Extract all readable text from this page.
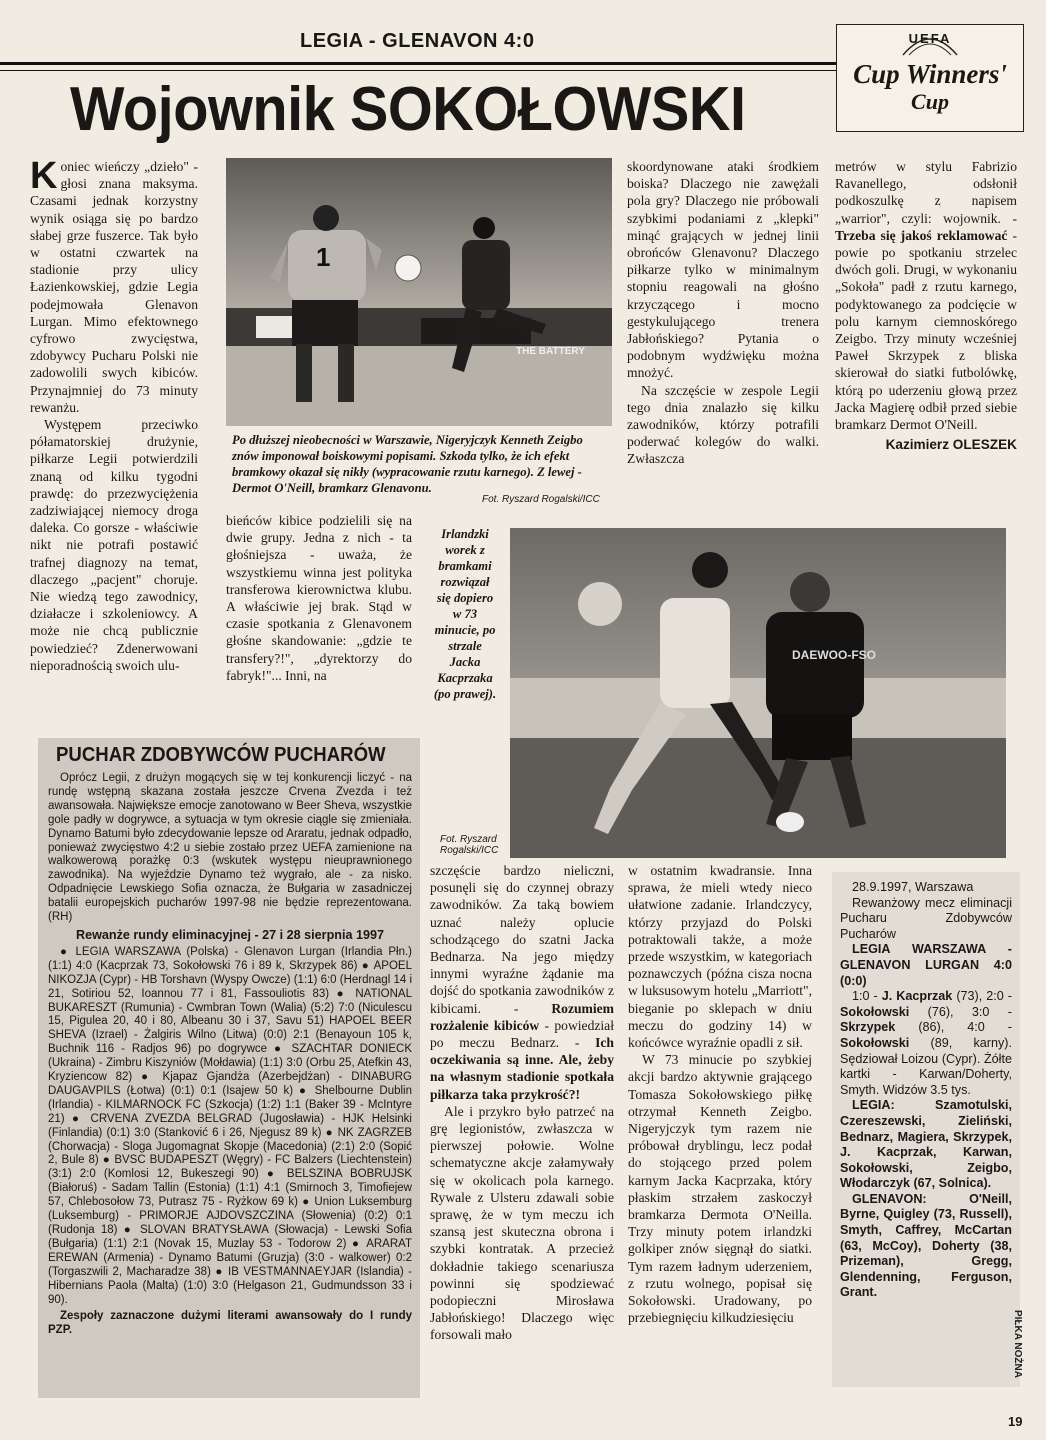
LEGIA - GLENAVON 4:0
Wojownik SOKOŁOWSKI
UEFA
Cup Winners'
Cup

Koniec wieńczy „dzieło" - głosi znana maksyma. Czasami jednak korzystny wynik osiąga się po bardzo słabej grze fuszerce. Tak było w ostatni czwartek na stadionie przy ulicy Łazienkowskiej, gdzie Legia podejmowała Glenavon Lurgan. Mimo efektownego cyfrowo zwycięstwa, zdobywcy Pucharu Polski nie zadowolili swych kibiców. Przynajmniej do 73 minuty rewanżu.

Występem przeciwko półamatorskiej drużynie, piłkarze Legii potwierdzili znaną od kilku tygodni prawdę: do przezwyciężenia zadziwiającej niemocy droga daleka. Co gorsze - właściwie nikt nie potrafi postawić trafnej diagnozy na temat, dlaczego „pacjent" choruje. Nie wiedzą tego zawodnicy, działacze i szkoleniowcy. A może nie chcą publicznie powiedzieć? Zdenerwowani nieporadnością swoich ulu-

1
THE BATTERY
Po dłuższej nieobecności w Warszawie, Nigeryjczyk Kenneth Zeigbo znów imponował boiskowymi popisami. Szkoda tylko, że ich efekt bramkowy okazał się nikły (wypracowanie rzutu karnego). Z lewej - Dermot O'Neill, bramkarz Glenavonu.
Fot. Ryszard Rogalski/ICC

skoordynowane ataki środkiem boiska? Dlaczego nie zawężali pola gry? Dlaczego nie próbowali szybkimi podaniami z „klepki" minąć grających w jednej linii obrońców Glenavonu? Dlaczego piłkarze tylko w minimalnym stopniu reagowali na głośno krzyczącego i mocno gestykulującego trenera Jabłońskiego? Pytania o podobnym wydźwięku można mnożyć.

Na szczęście w zespole Legii tego dnia znalazło się kilku zawodników, którzy potrafili poderwać kolegów do walki. Zwłaszcza

metrów w stylu Fabrizio Ravanellego, odsłonił podkoszulkę z napisem „warrior", czyli: wojownik. - Trzeba się jakoś reklamować - powie po spotkaniu strzelec dwóch goli. Drugi, w wykonaniu „Sokoła" padł z rzutu karnego, podyktowanego za podcięcie w polu karnym ciemnoskórego Zeigbo. Trzy minuty wcześniej Paweł Skrzypek z bliska skierował do siatki futbolówkę, którą po uderzeniu głową przez Jacka Magierę odbił przed siebie bramkarz Dermot O'Neill.

Kazimierz OLESZEK

bieńców kibice podzielili się na dwie grupy. Jedna z nich - ta głośniejsza - uważa, że wszystkiemu winna jest polityka transferowa kierownictwa klubu. A właściwie jej brak. Stąd w czasie spotkania z Glenavonem głośne skandowanie: „gdzie te transfery?!", „dyrektorzy do fabryk!"... Inni, na

Irlandzki worek z bramkami rozwiązał się dopiero w 73 minucie, po strzale Jacka Kacprzaka (po prawej).
Fot. Ryszard Rogalski/ICC
DAEWOO-FSO
PUCHAR ZDOBYWCÓW PUCHARÓW

Oprócz Legii, z drużyn mogących się w tej konkurencji liczyć - na rundę wstępną skazana została jeszcze Crvena Zvezda i też awansowała. Największe emocje zanotowano w Beer Sheva, wszystkie gole padły w dogrywce, a sytuacja w tym okresie ciągle się zmieniała. Dynamo Batumi było zdecydowanie lepsze od Araratu, jednak odpadło, ponieważ zwycięstwo 4:2 u siebie zostało przez UEFA zamienione na walkowerową porażkę 0:3 (wskutek występu nieuprawnionego zawodnika). Na wyjeździe Dynamo też wygrało, ale - za nisko. Odpadnięcie Lewskiego Sofia oznacza, że Bułgaria w zasadniczej batalii europejskich pucharów 1997-98 nie będzie reprezentowana. (RH)

Rewanże rundy eliminacyjnej - 27 i 28 sierpnia 1997

● LEGIA WARSZAWA (Polska) - Glenavon Lurgan (Irlandia Płn.) (1:1) 4:0 (Kacprzak 73, Sokołowski 76 i 89 k, Skrzypek 86) ● APOEL NIKOZJA (Cypr) - HB Torshavn (Wyspy Owcze) (1:1) 6:0 (Herdnagl 14 i 21, Sotiriou 52, Ioannou 77 i 81, Fassouliotis 83) ● NATIONAL BUKARESZT (Rumunia) - Cwmbran Town (Walia) (5:2) 7:0 (Niculescu 15, Pigulea 20, 40 i 80, Albeanu 30 i 37, Savu 51) HAPOEL BEER SHEVA (Izrael) - Żalgiris Wilno (Litwa) (0:0) 2:1 (Benayoun 105 k, Buchnik 116 - Radjos 96) po dogrywce ● SZACHTAR DONIECK (Ukraina) - Zimbru Kiszyniów (Mołdawia) (1:1) 3:0 (Orbu 25, Atefkin 43, Kryziencow 82) ● Kjapaz Gjandża (Azerbejdżan) - DINABURG DAUGAVPILS (Łotwa) (0:1) 0:1 (Isajew 50 k) ● Shelbourne Dublin (Irlandia) - KILMARNOCK FC (Szkocja) (1:2) 1:1 (Baker 39 - McIntyre 21) ● CRVENA ZVEZDA BELGRAD (Jugosławia) - HJK Helsinki (Finlandia) (0:1) 3:0 (Stanković 6 i 26, Njegusz 89 k) ● NK ZAGRZEB (Chorwacja) - Sloga Jugomagnat Skopje (Macedonia) (2:1) 2:0 (Sopić 2, Bule 8) ● BVSC BUDAPESZT (Węgry) - FC Balzers (Liechtenstein) (3:1) 2:0 (Komlosi 12, Bukeszegi 90) ● BELSZINA BOBRUJSK (Białoruś) - Sadam Tallin (Estonia) (1:1) 4:1 (Smirnoch 3, Timofiejew 57, Chlebosołow 73, Putrasz 75 - Ryżkow 69 k) ● Union Luksemburg (Luksemburg) - PRIMORJE AJDOVSZCZINA (Słowenia) (0:2) 0:1 (Rudonja 18) ● SLOVAN BRATYSŁAWA (Słowacja) - Lewski Sofia (Bułgaria) (1:1) 2:1 (Novak 15, Muzlay 53 - Todorow 2) ● ARARAT EREWAN (Armenia) - Dynamo Batumi (Gruzja) (3:0 - walkower) 0:2 (Torgaszwili 2, Macharadze 38) ● IB VESTMANNAEYJAR (Islandia) - Hibernians Paola (Malta) (1:0) 3:0 (Helgason 21, Gudmundsson 33 i 90).

Zespoły zaznaczone dużymi literami awansowały do I rundy PZP.

szczęście bardzo nieliczni, posunęli się do czynnej obrazy zawodników. Za taką bowiem uznać należy oplucie schodzącego do szatni Jacka Bednarza. Na jego między innymi wyraźne żądanie ma dojść do spotkania zawodników z kibicami. - Rozumiem rozżalenie kibiców - powiedział po meczu Bednarz. - Ich oczekiwania są inne. Ale, żeby na własnym stadionie spotkała piłkarza taka przykrość?!

Ale i przykro było patrzeć na grę legionistów, zwłaszcza w pierwszej połowie. Wolne schematyczne akcje załamywały się w okolicach pola karnego. Rywale z Ulsteru zdawali sobie sprawę, że w tym meczu ich szansą jest skuteczna obrona i szybki kontratak. A przecież dokładnie takiego scenariusza powinni się spodziewać podopieczni Mirosława Jabłońskiego! Dlaczego więc forsowali mało

w ostatnim kwadransie. Inna sprawa, że mieli wtedy nieco ułatwione zadanie. Irlandczycy, którzy przyjazd do Polski potraktowali także, a może przede wszystkim, w kategoriach poznawczych (późna cisza nocna w luksusowym hotelu „Marriott", bieganie po sklepach w dniu meczu do godziny 14) w końcówce wyraźnie opadli z sił.

W 73 minucie po szybkiej akcji bardzo aktywnie grającego Tomasza Sokołowskiego piłkę otrzymał Kenneth Zeigbo. Nigeryjczyk tym razem nie próbował dryblingu, lecz podał do stojącego przed polem karnym Jacka Kacprzaka, który płaskim strzałem zaskoczył bramkarza Dermota O'Neilla. Trzy minuty potem irlandzki golkiper znów sięgnął do siatki. Tym razem ładnym uderzeniem, z rzutu wolnego, popisał się Sokołowski. Uradowany, po przebiegnięciu kilkudziesięciu

28.9.1997, Warszawa

Rewanżowy mecz eliminacji Pucharu Zdobywców Pucharów

LEGIA WARSZAWA - GLENAVON LURGAN 4:0 (0:0)

1:0 - J. Kacprzak (73), 2:0 - Sokołowski (76), 3:0 - Skrzypek (86), 4:0 - Sokołowski (89, karny). Sędziował Loizou (Cypr). Żółte kartki - Karwan/Doherty, Smyth. Widzów 3.5 tys.

LEGIA: Szamotulski, Czereszewski, Zieliński, Bednarz, Magiera, Skrzypek, J. Kacprzak, Karwan, Sokołowski, Zeigbo, Włodarczyk (67, Solnica).

GLENAVON: O'Neill, Byrne, Quigley (73, Russell), Smyth, Caffrey, McCartan (63, McCoy), Doherty (38, Prizeman), Gregg, Glendenning, Ferguson, Grant.

PIŁKA NOŻNA
19
